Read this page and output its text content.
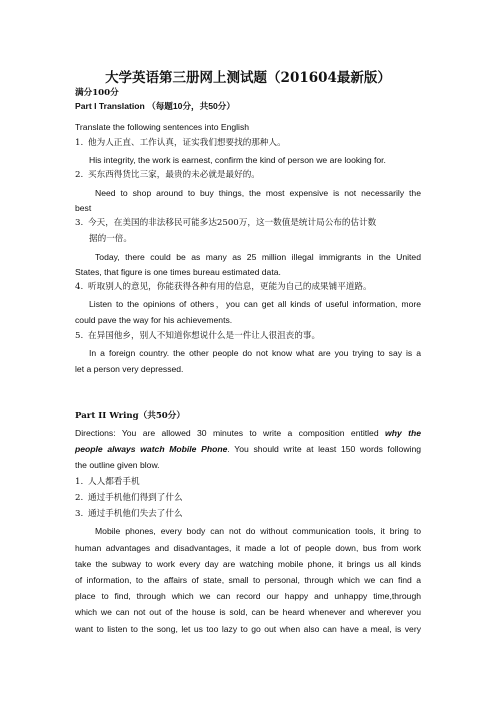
大学英语第三册网上测试题（201604最新版）
满分100分
Part I Translation （每题10分，共50分）
Translate the following sentences into English
1. 他为人正直、工作认真，证实我们想要找的那种人。
His integrity, the work is earnest, confirm the kind of person we are looking for.
2. 买东西得货比三家，最贵的未必就是最好的。
Need to shop around to buy things, the most expensive is not necessarily the
best
3. 今天，在美国的非法移民可能多达2500万，这一数值是统计局公布的估计数
据的一倍。
Today, there could be as many as 25 million illegal immigrants in the United
States, that figure is one times bureau estimated data.
4. 听取别人的意见，你能获得各种有用的信息，更能为自己的成果铺平道路。
Listen to the opinions of others，you can get all kinds of useful information, more
could pave the way for his achievements.
5. 在异国他乡，别人不知道你想说什么是一件让人很沮丧的事。
In a foreign country. the other people do not know what are you trying to say is a
let a person very depressed.
Part II Wring（共50分）
Directions: You are allowed 30 minutes to write a composition entitled why the
people always watch Mobile Phone. You should write at least 150 words following
the outline given blow.
1. 人人都看手机
2. 通过手机他们得到了什么
3. 通过手机他们失去了什么
Mobile phones, every body can not do without communication tools, it bring to
human advantages and disadvantages, it made a lot of people down, bus from work
take the subway to work every day are watching mobile phone, it brings us all kinds
of information, to the affairs of state, small to personal, through which we can find a
place to find, through which we can record our happy and unhappy time,through
which we can not out of the house is sold, can be heard whenever and wherever you
want to listen to the song, let us too lazy to go out when also can have a meal, is very
